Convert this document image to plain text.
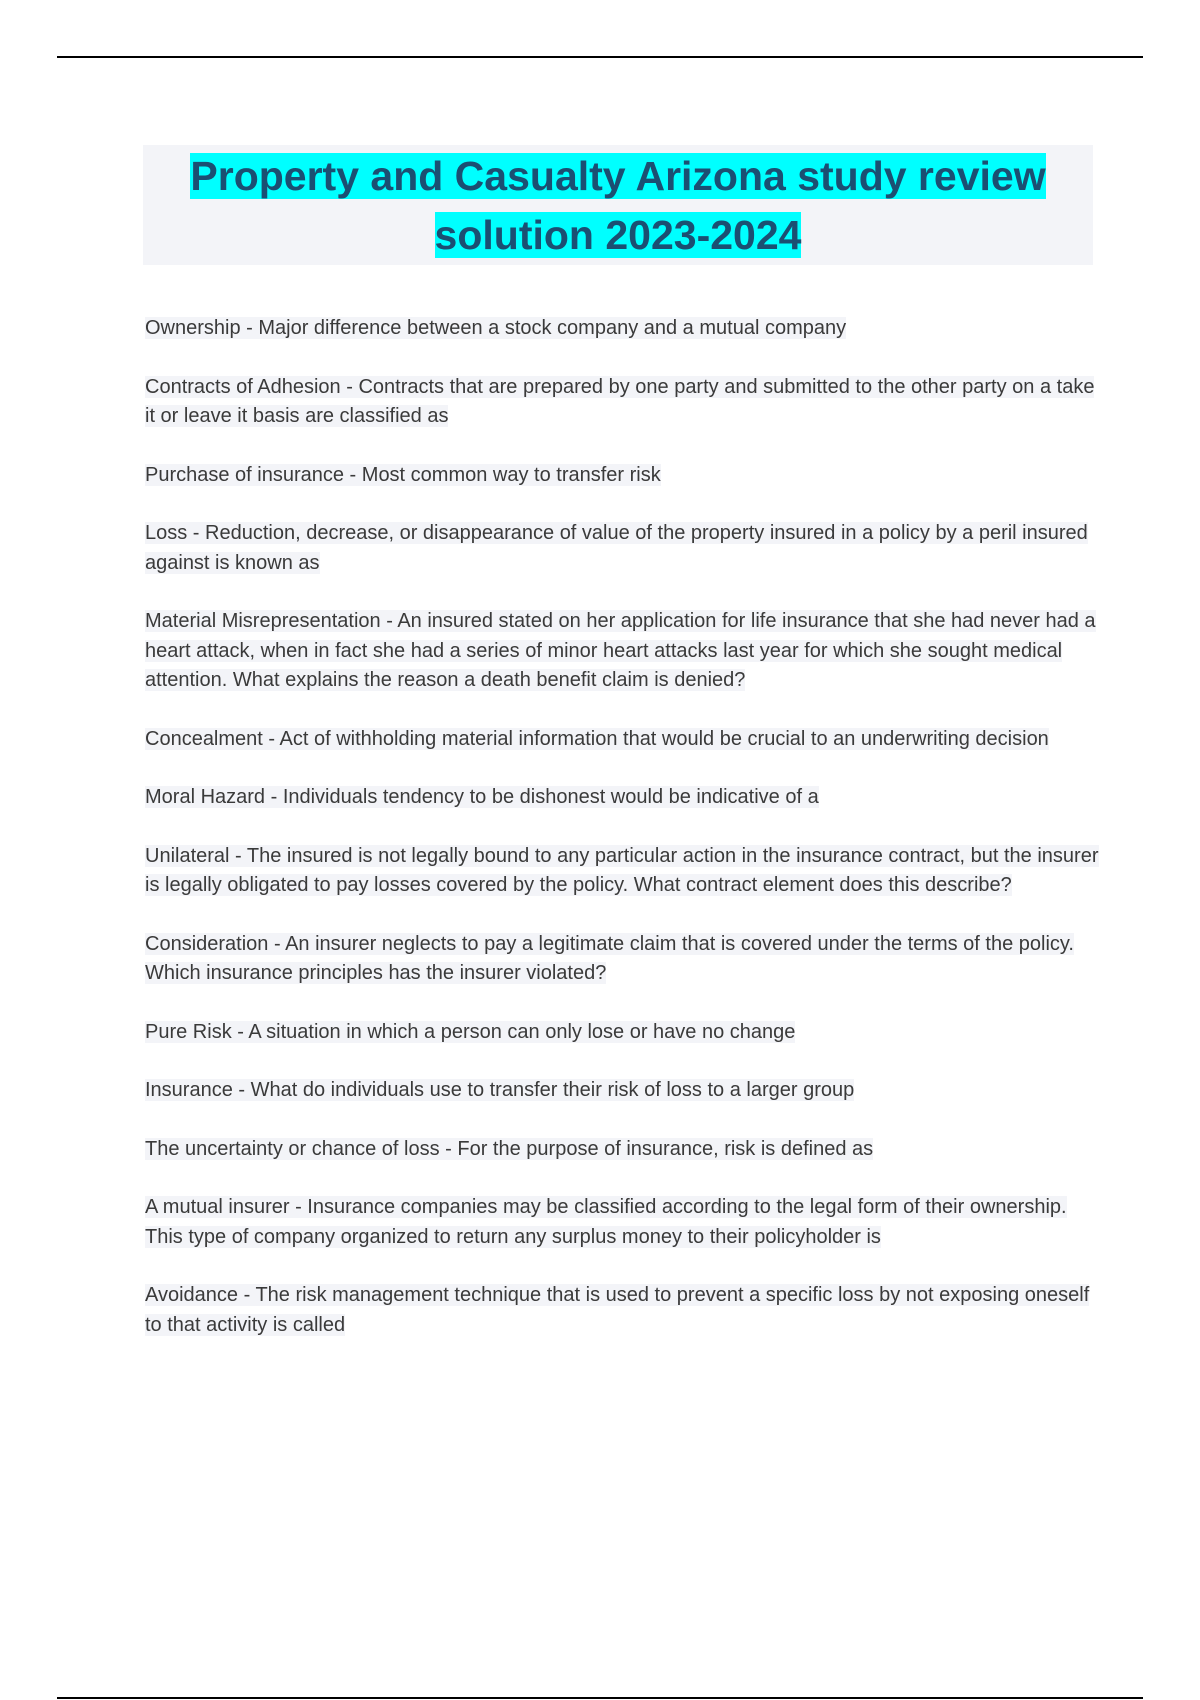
Property and Casualty Arizona study review
solution 2023-2024

Ownership - Major difference between a stock company and a mutual company

Contracts of Adhesion - Contracts that are prepared by one party and submitted to the other party on a take it or leave it basis are classified as

Purchase of insurance - Most common way to transfer risk

Loss - Reduction, decrease, or disappearance of value of the property insured in a policy by a peril insured against is known as

Material Misrepresentation - An insured stated on her application for life insurance that she had never had a heart attack, when in fact she had a series of minor heart attacks last year for which she sought medical attention. What explains the reason a death benefit claim is denied?

Concealment - Act of withholding material information that would be crucial to an underwriting decision

Moral Hazard - Individuals tendency to be dishonest would be indicative of a

Unilateral - The insured is not legally bound to any particular action in the insurance contract, but the insurer is legally obligated to pay losses covered by the policy. What contract element does this describe?

Consideration - An insurer neglects to pay a legitimate claim that is covered under the terms of the policy. Which insurance principles has the insurer violated?

Pure Risk - A situation in which a person can only lose or have no change

Insurance - What do individuals use to transfer their risk of loss to a larger group

The uncertainty or chance of loss - For the purpose of insurance, risk is defined as

A mutual insurer - Insurance companies may be classified according to the legal form of their ownership. This type of company organized to return any surplus money to their policyholder is

Avoidance - The risk management technique that is used to prevent a specific loss by not exposing oneself to that activity is called
